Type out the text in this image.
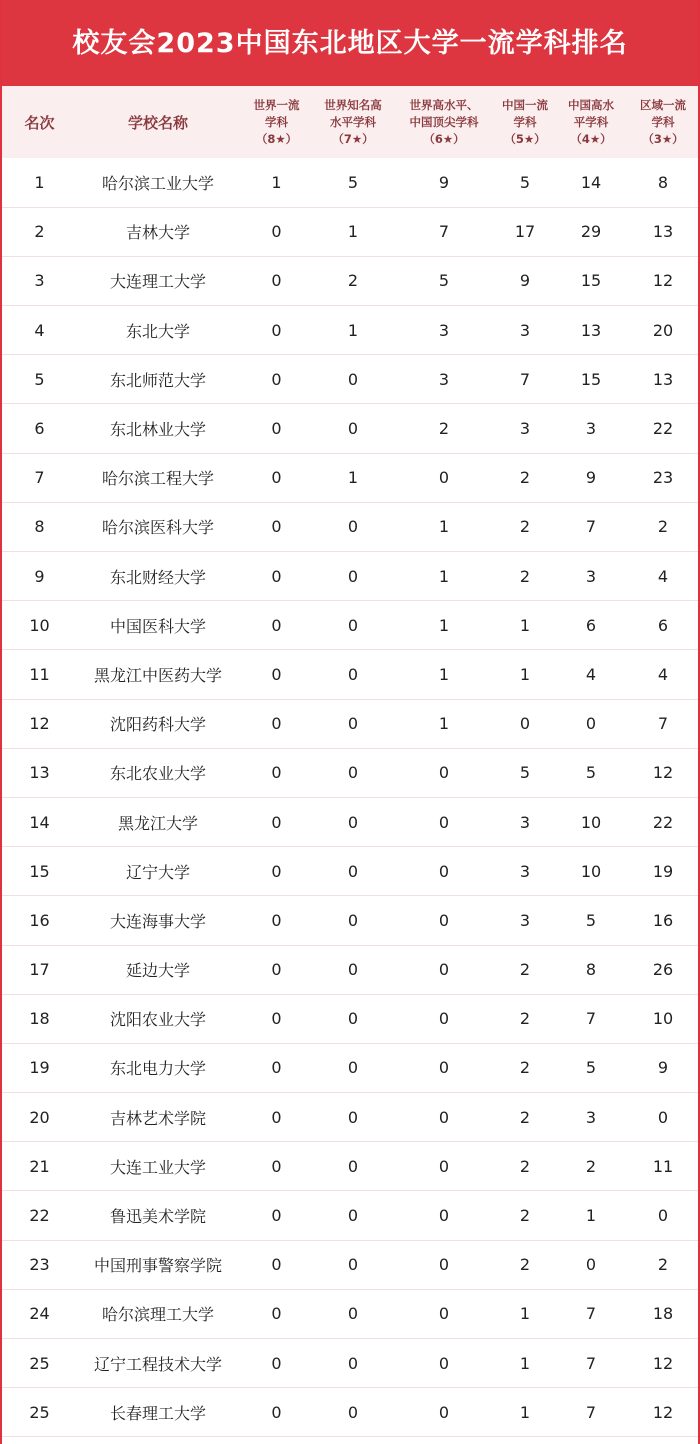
校友会2023中国东北地区大学一流学科排名
名次	学校名称	世界一流
学科
（8★）	世界知名高
水平学科
（7★）	世界高水平、
中国顶尖学科
（6★）	中国一流
学科
（5★）	中国高水
平学科
（4★）	区域一流
学科
（3★）

1	哈尔滨工业大学	1	5	9	5	14	8
2	吉林大学	0	1	7	17	29	13
3	大连理工大学	0	2	5	9	15	12
4	东北大学	0	1	3	3	13	20
5	东北师范大学	0	0	3	7	15	13
6	东北林业大学	0	0	2	3	3	22
7	哈尔滨工程大学	0	1	0	2	9	23
8	哈尔滨医科大学	0	0	1	2	7	2
9	东北财经大学	0	0	1	2	3	4
10	中国医科大学	0	0	1	1	6	6
11	黑龙江中医药大学	0	0	1	1	4	4
12	沈阳药科大学	0	0	1	0	0	7
13	东北农业大学	0	0	0	5	5	12
14	黑龙江大学	0	0	0	3	10	22
15	辽宁大学	0	0	0	3	10	19
16	大连海事大学	0	0	0	3	5	16
17	延边大学	0	0	0	2	8	26
18	沈阳农业大学	0	0	0	2	7	10
19	东北电力大学	0	0	0	2	5	9
20	吉林艺术学院	0	0	0	2	3	0
21	大连工业大学	0	0	0	2	2	11
22	鲁迅美术学院	0	0	0	2	1	0
23	中国刑事警察学院	0	0	0	2	0	2
24	哈尔滨理工大学	0	0	0	1	7	18
25	辽宁工程技术大学	0	0	0	1	7	12
25	长春理工大学	0	0	0	1	7	12
